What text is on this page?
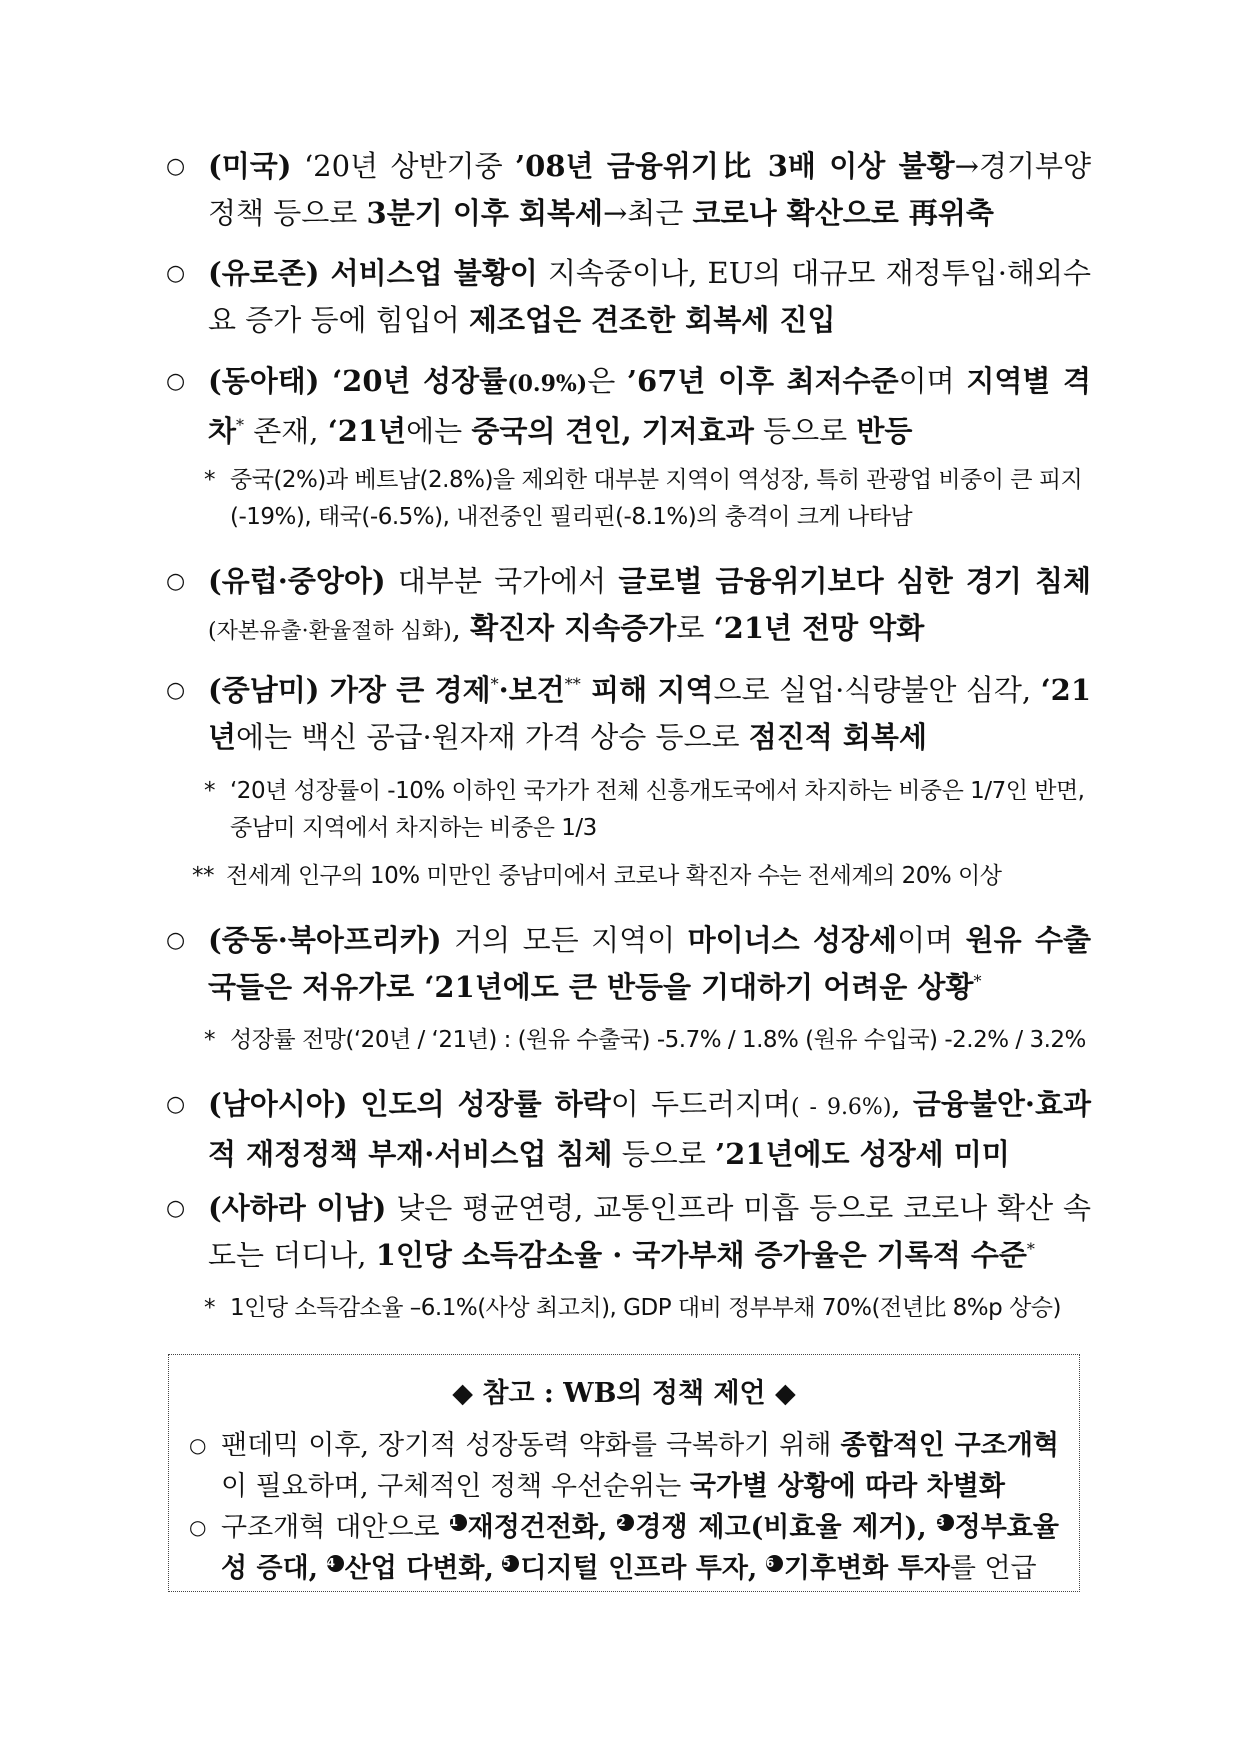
○ (미국) ‘20년 상반기중 ’08년 금융위기比 3배 이상 불황→경기부양 정책 등으로 3분기 이후 회복세→최근 코로나 확산으로 再위축
○ (유로존) 서비스업 불황이 지속중이나, EU의 대규모 재정투입·해외수요 증가 등에 힘입어 제조업은 견조한 회복세 진입
○ (동아태) ‘20년 성장률(0.9%)은 ’67년 이후 최저수준이며 지역별 격차* 존재, ‘21년에는 중국의 견인, 기저효과 등으로 반등
* 중국(2%)과 베트남(2.8%)을 제외한 대부분 지역이 역성장, 특히 관광업 비중이 큰 피지(-19%), 태국(-6.5%), 내전중인 필리핀(-8.1%)의 충격이 크게 나타남
○ (유럽·중앙아) 대부분 국가에서 글로벌 금융위기보다 심한 경기 침체(자본유출·환율절하 심화), 확진자 지속증가로 ‘21년 전망 악화
○ (중남미) 가장 큰 경제*·보건** 피해 지역으로 실업·식량불안 심각, ‘21년에는 백신 공급·원자재 가격 상승 등으로 점진적 회복세
* ‘20년 성장률이 -10% 이하인 국가가 전체 신흥개도국에서 차지하는 비중은 1/7인 반면, 중남미 지역에서 차지하는 비중은 1/3
** 전세계 인구의 10% 미만인 중남미에서 코로나 확진자 수는 전세계의 20% 이상
○ (중동·북아프리카) 거의 모든 지역이 마이너스 성장세이며 원유 수출국들은 저유가로 ‘21년에도 큰 반등을 기대하기 어려운 상황*
* 성장률 전망(‘20년 / ‘21년) : (원유 수출국) -5.7% / 1.8% (원유 수입국) -2.2% / 3.2%
○ (남아시아) 인도의 성장률 하락이 두드러지며( - 9.6%), 금융불안·효과적 재정정책 부재·서비스업 침체 등으로 ’21년에도 성장세 미미
○ (사하라 이남) 낮은 평균연령, 교통인프라 미흡 등으로 코로나 확산 속도는 더디나, 1인당 소득감소율 · 국가부채 증가율은 기록적 수준*
* 1인당 소득감소율 –6.1%(사상 최고치), GDP 대비 정부부채 70%(전년比 8%p 상승)
◆ 참고 : WB의 정책 제언 ◆
○ 팬데믹 이후, 장기적 성장동력 약화를 극복하기 위해 종합적인 구조개혁이 필요하며, 구체적인 정책 우선순위는 국가별 상황에 따라 차별화
○ 구조개혁 대안으로 1 재정건전화, 2 경쟁 제고(비효율 제거), 3 정부효율성 증대, 4 산업 다변화, 5 디지털 인프라 투자, 6 기후변화 투자를 언급
